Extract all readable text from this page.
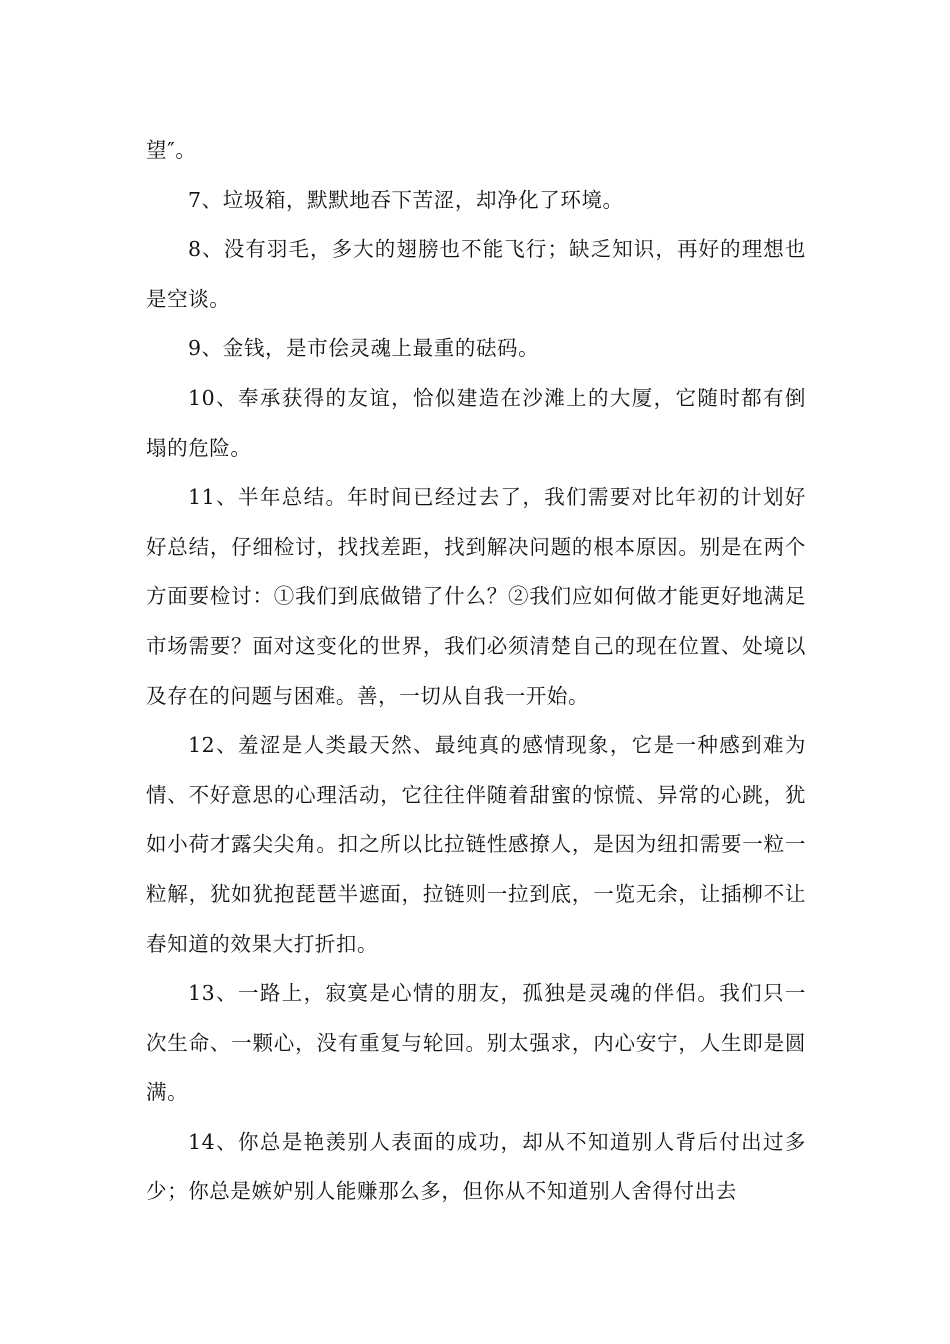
望″。

7、垃圾箱，默默地吞下苦涩，却净化了环境。

8、没有羽毛，多大的翅膀也不能飞行；缺乏知识，再好的理想也是空谈。

9、金钱，是市侩灵魂上最重的砝码。

10、奉承获得的友谊，恰似建造在沙滩上的大厦，它随时都有倒塌的危险。

11、半年总结。年时间已经过去了，我们需要对比年初的计划好好总结，仔细检讨，找找差距，找到解决问题的根本原因。别是在两个方面要检讨：①我们到底做错了什么？②我们应如何做才能更好地满足市场需要？面对这变化的世界，我们必须清楚自己的现在位置、处境以及存在的问题与困难。善，一切从自我一开始。

12、羞涩是人类最天然、最纯真的感情现象，它是一种感到难为情、不好意思的心理活动，它往往伴随着甜蜜的惊慌、异常的心跳，犹如小荷才露尖尖角。扣之所以比拉链性感撩人，是因为纽扣需要一粒一粒解，犹如犹抱琵琶半遮面，拉链则一拉到底，一览无余，让插柳不让春知道的效果大打折扣。

13、一路上，寂寞是心情的朋友，孤独是灵魂的伴侣。我们只一次生命、一颗心，没有重复与轮回。别太强求，内心安宁，人生即是圆满。

14、你总是艳羡别人表面的成功，却从不知道别人背后付出过多少；你总是嫉妒别人能赚那么多，但你从不知道别人舍得付出去
